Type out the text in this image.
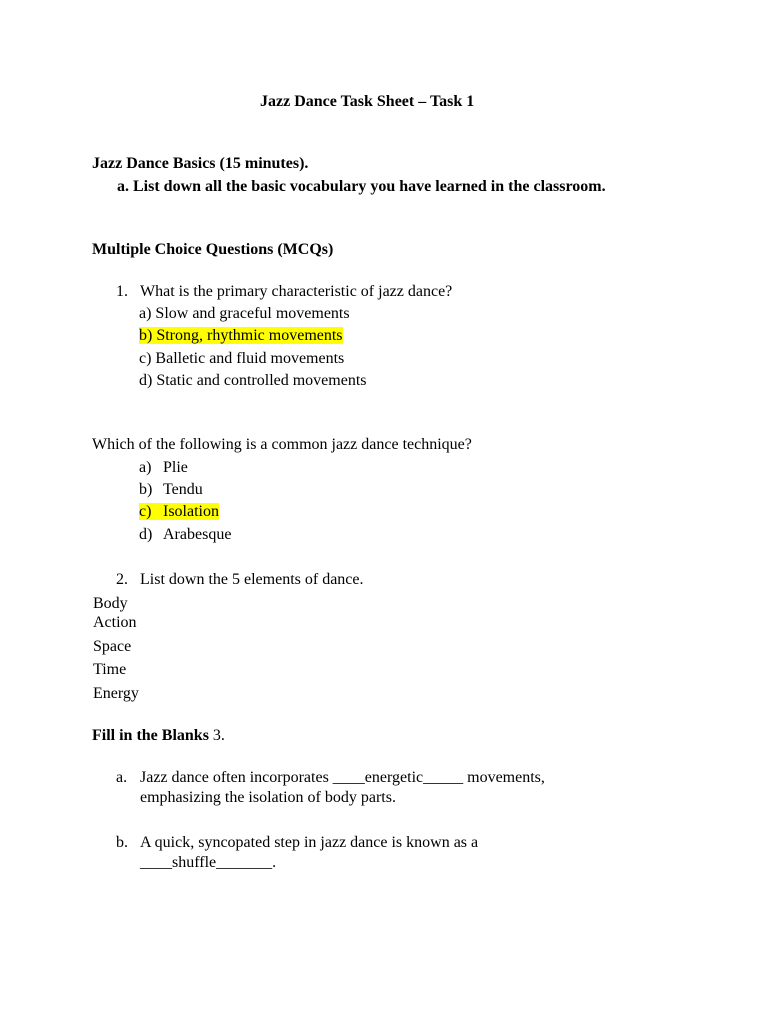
Jazz Dance Task Sheet – Task 1
Jazz Dance Basics (15 minutes).
a. List down all the basic vocabulary you have learned in the classroom.
Multiple Choice Questions (MCQs)
1. What is the primary characteristic of jazz dance?
a) Slow and graceful movements
b) Strong, rhythmic movements
c) Balletic and fluid movements
d) Static and controlled movements
Which of the following is a common jazz dance technique?
a) Plie
b) Tendu
c) Isolation
d) Arabesque
2. List down the 5 elements of dance.
Body
Action
Space
Time
Energy
Fill in the Blanks 3.
a. Jazz dance often incorporates ____energetic_____ movements,
emphasizing the isolation of body parts.
b. A quick, syncopated step in jazz dance is known as a
____shuffle_______.
